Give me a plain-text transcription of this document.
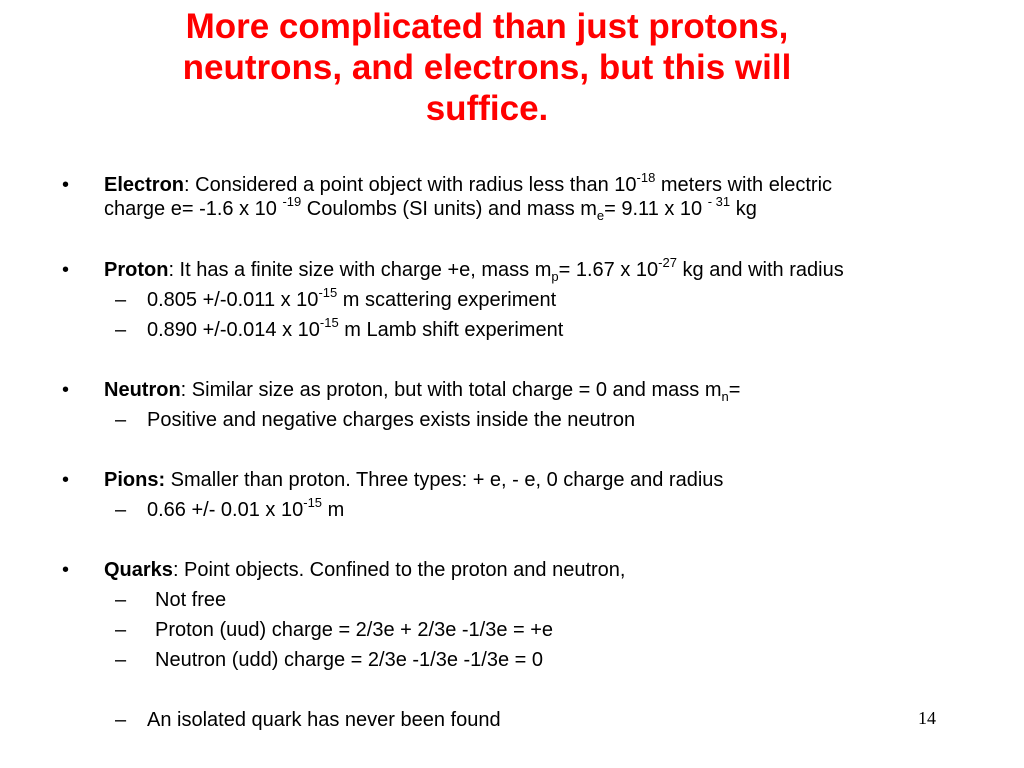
More complicated than just protons,
neutrons, and electrons, but this will
suffice.
• Electron: Considered a point object with radius less than $10^{-18}$ meters with electric
charge e= -1.6 x 10 $^{-19}$ Coulombs (SI units) and mass $m_e= 9.11$ x 10 $^{- 31}$ kg
• Proton: It has a finite size with charge +e, mass $m_p= 1.67$ x $10^{-27}$ kg and with radius
– 0.805 +/-0.011 x $10^{-15}$ m scattering experiment
– 0.890 +/-0.014 x $10^{-15}$ m Lamb shift experiment
• Neutron: Similar size as proton, but with total charge = 0 and mass $m_n=$
– Positive and negative charges exists inside the neutron
• Pions: Smaller than proton. Three types: + e, - e, 0 charge and radius
– 0.66 +/- 0.01 x $10^{-15}$ m
• Quarks: Point objects. Confined to the proton and neutron,
– Not free
– Proton (uud) charge = 2/3e + 2/3e -1/3e = +e
– Neutron (udd) charge = 2/3e -1/3e -1/3e = 0
– An isolated quark has never been found	14
